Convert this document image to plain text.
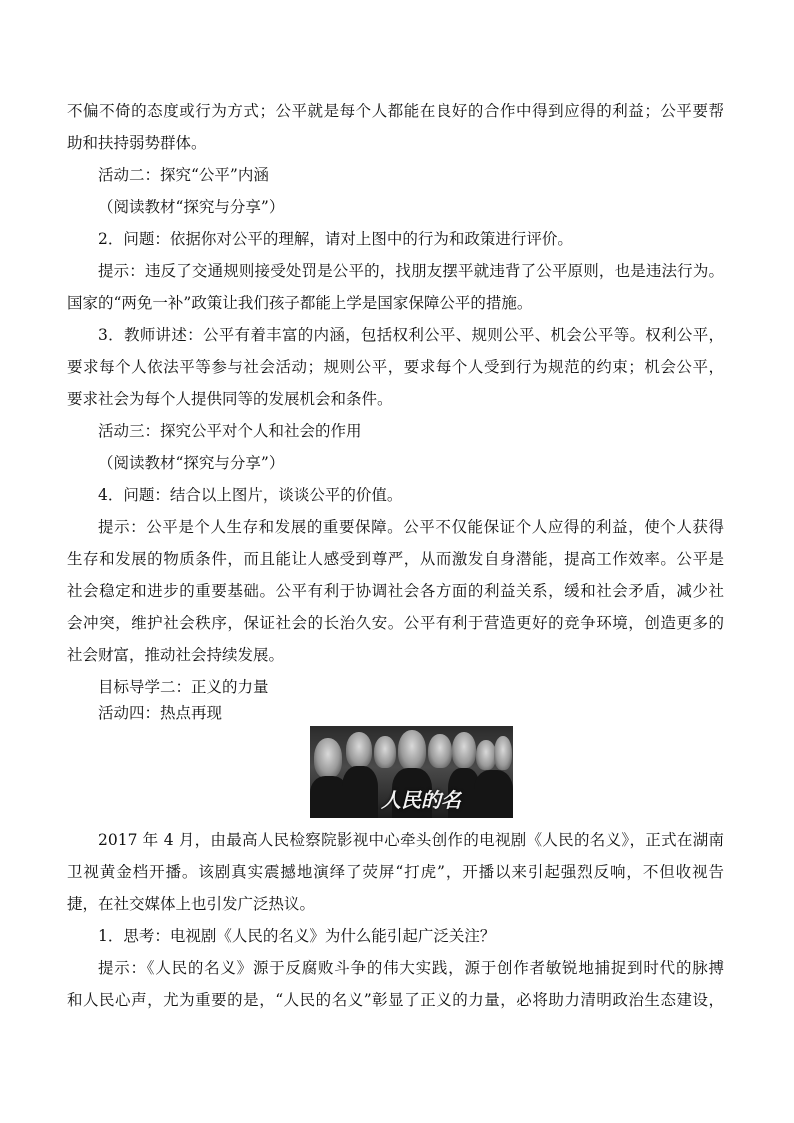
不偏不倚的态度或行为方式；公平就是每个人都能在良好的合作中得到应得的利益；公平要帮
助和扶持弱势群体。
活动二：探究“公平”内涵
（阅读教材“探究与分享”）
2．问题：依据你对公平的理解，请对上图中的行为和政策进行评价。
提示：违反了交通规则接受处罚是公平的，找朋友摆平就违背了公平原则，也是违法行为。
国家的“两免一补”政策让我们孩子都能上学是国家保障公平的措施。
3．教师讲述：公平有着丰富的内涵，包括权利公平、规则公平、机会公平等。权利公平，
要求每个人依法平等参与社会活动；规则公平，要求每个人受到行为规范的约束；机会公平，
要求社会为每个人提供同等的发展机会和条件。
活动三：探究公平对个人和社会的作用
（阅读教材“探究与分享”）
4．问题：结合以上图片，谈谈公平的价值。
提示：公平是个人生存和发展的重要保障。公平不仅能保证个人应得的利益，使个人获得
生存和发展的物质条件，而且能让人感受到尊严，从而激发自身潜能，提高工作效率。公平是
社会稳定和进步的重要基础。公平有利于协调社会各方面的利益关系，缓和社会矛盾，减少社
会冲突，维护社会秩序，保证社会的长治久安。公平有利于营造更好的竞争环境，创造更多的
社会财富，推动社会持续发展。
目标导学二：正义的力量
活动四：热点再现
人民的名
2017 年 4 月，由最高人民检察院影视中心牵头创作的电视剧《人民的名义》，正式在湖南
卫视黄金档开播。该剧真实震撼地演绎了荧屏“打虎”，开播以来引起强烈反响，不但收视告
捷，在社交媒体上也引发广泛热议。
1．思考：电视剧《人民的名义》为什么能引起广泛关注？
提示：《人民的名义》源于反腐败斗争的伟大实践，源于创作者敏锐地捕捉到时代的脉搏
和人民心声，尤为重要的是，“人民的名义”彰显了正义的力量，必将助力清明政治生态建设，
